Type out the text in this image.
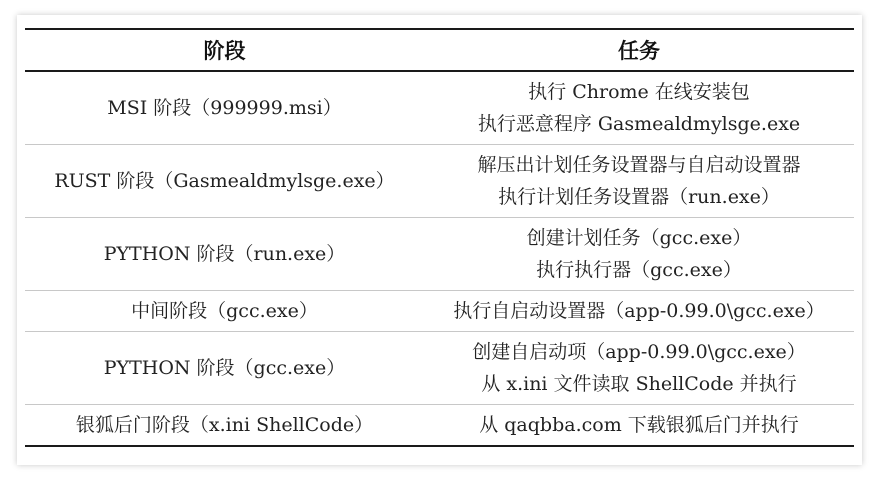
阶段	任务
MSI 阶段（999999.msi）	执行 Chrome 在线安装包
执行恶意程序 Gasmealdmylsge.exe

RUST 阶段（Gasmealdmylsge.exe）	解压出计划任务设置器与自启动设置器
执行计划任务设置器（run.exe）

PYTHON 阶段（run.exe）	创建计划任务（gcc.exe）
执行执行器（gcc.exe）

中间阶段（gcc.exe）	执行自启动设置器（app-0.99.0\gcc.exe）

PYTHON 阶段（gcc.exe）	创建自启动项（app-0.99.0\gcc.exe）
从 x.ini 文件读取 ShellCode 并执行

银狐后门阶段（x.ini ShellCode）	从 qaqbba.com 下载银狐后门并执行
